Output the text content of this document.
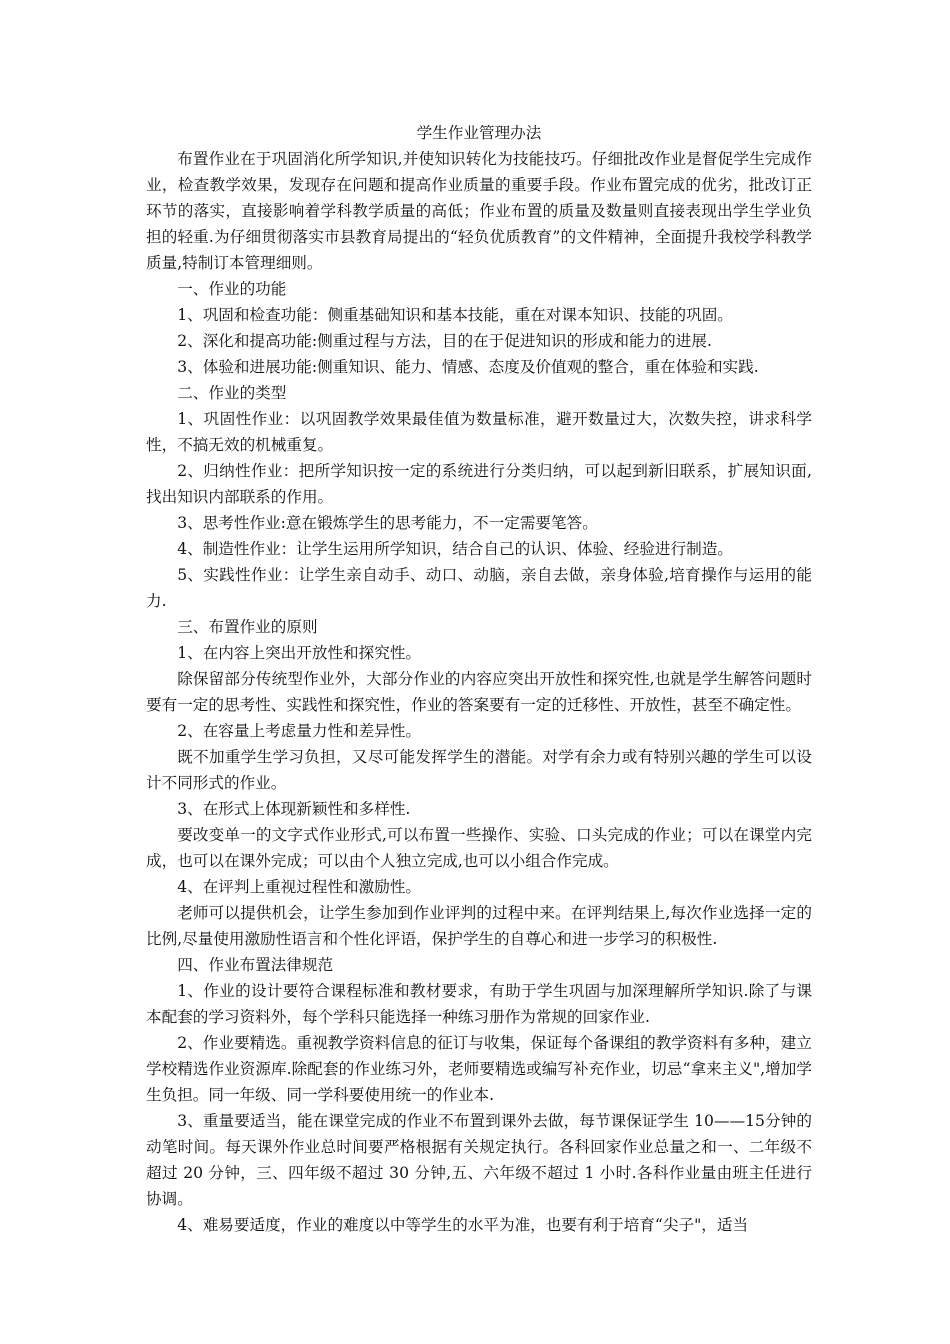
学生作业管理办法

布置作业在于巩固消化所学知识,并使知识转化为技能技巧。仔细批改作业是督促学生完成作业，检查教学效果，发现存在问题和提高作业质量的重要手段。作业布置完成的优劣，批改订正环节的落实，直接影响着学科教学质量的高低；作业布置的质量及数量则直接表现出学生学业负担的轻重.为仔细贯彻落实市县教育局提出的“轻负优质教育”的文件精神，全面提升我校学科教学质量,特制订本管理细则。

一、作业的功能

1、巩固和检查功能：侧重基础知识和基本技能，重在对课本知识、技能的巩固。

2、深化和提高功能:侧重过程与方法，目的在于促进知识的形成和能力的进展.

3、体验和进展功能:侧重知识、能力、情感、态度及价值观的整合，重在体验和实践.

二、作业的类型

1、巩固性作业：以巩固教学效果最佳值为数量标准，避开数量过大，次数失控，讲求科学性，不搞无效的机械重复。

2、归纳性作业：把所学知识按一定的系统进行分类归纳，可以起到新旧联系，扩展知识面,找出知识内部联系的作用。

3、思考性作业:意在锻炼学生的思考能力，不一定需要笔答。

4、制造性作业：让学生运用所学知识，结合自己的认识、体验、经验进行制造。

5、实践性作业：让学生亲自动手、动口、动脑，亲自去做，亲身体验,培育操作与运用的能力.

三、布置作业的原则

1、在内容上突出开放性和探究性。

除保留部分传统型作业外，大部分作业的内容应突出开放性和探究性,也就是学生解答问题时要有一定的思考性、实践性和探究性，作业的答案要有一定的迁移性、开放性，甚至不确定性。

2、在容量上考虑量力性和差异性。

既不加重学生学习负担，又尽可能发挥学生的潜能。对学有余力或有特别兴趣的学生可以设计不同形式的作业。

3、在形式上体现新颖性和多样性.

要改变单一的文字式作业形式,可以布置一些操作、实验、口头完成的作业；可以在课堂内完成，也可以在课外完成；可以由个人独立完成,也可以小组合作完成。

4、在评判上重视过程性和激励性。

老师可以提供机会，让学生参加到作业评判的过程中来。在评判结果上,每次作业选择一定的比例,尽量使用激励性语言和个性化评语，保护学生的自尊心和进一步学习的积极性.

四、作业布置法律规范

1、作业的设计要符合课程标准和教材要求，有助于学生巩固与加深理解所学知识.除了与课本配套的学习资料外，每个学科只能选择一种练习册作为常规的回家作业.

2、作业要精选。重视教学资料信息的征订与收集，保证每个备课组的教学资料有多种，建立学校精选作业资源库.除配套的作业练习外，老师要精选或编写补充作业，切忌“拿来主义",增加学生负担。同一年级、同一学科要使用统一的作业本.

3、重量要适当，能在课堂完成的作业不布置到课外去做，每节课保证学生 10——15分钟的动笔时间。每天课外作业总时间要严格根据有关规定执行。各科回家作业总量之和一、二年级不超过 20 分钟，三、四年级不超过 30 分钟,五、六年级不超过 1 小时.各科作业量由班主任进行协调。

4、难易要适度，作业的难度以中等学生的水平为准，也要有利于培育“尖子"，适当
